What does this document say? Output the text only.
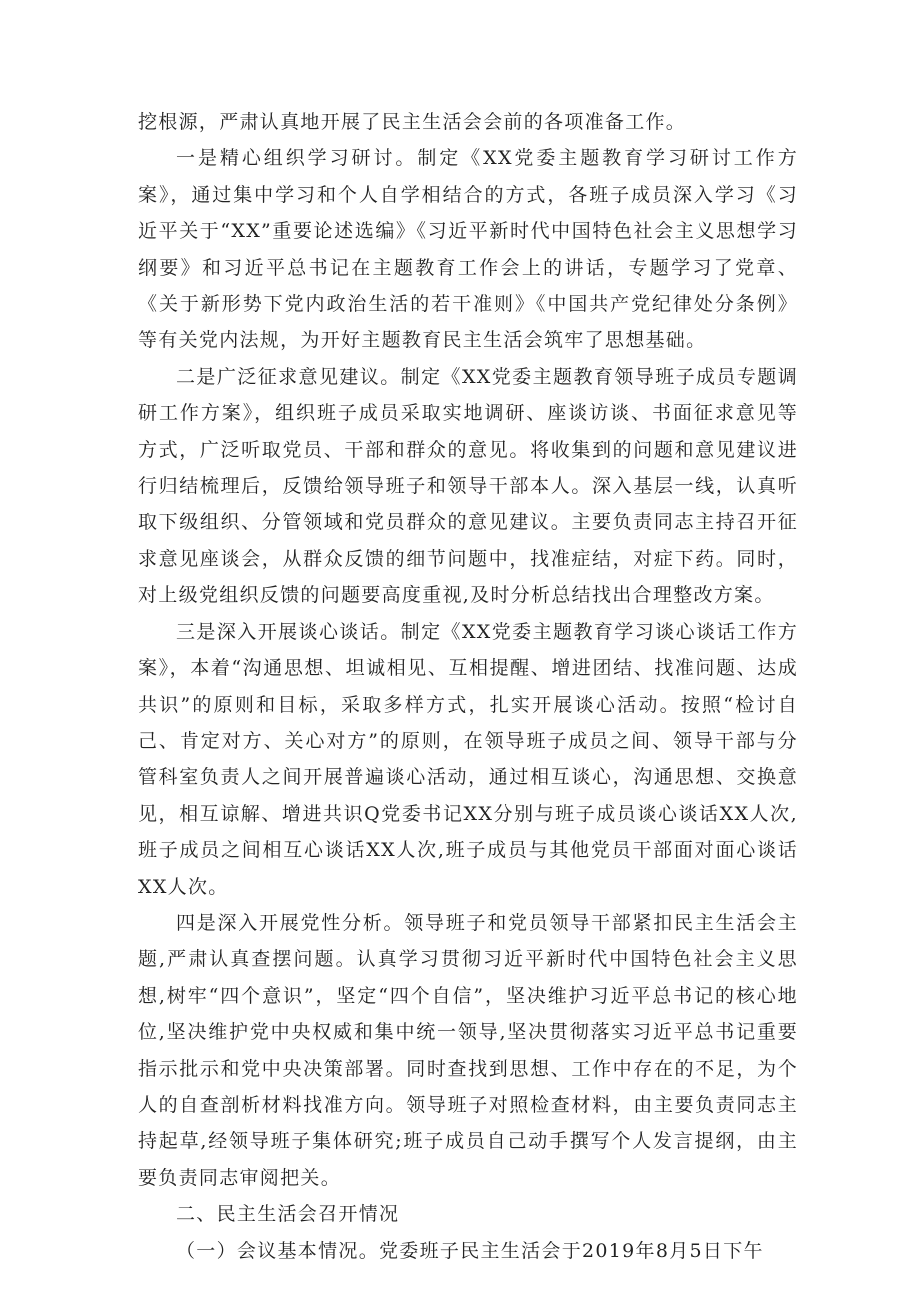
挖根源，严肃认真地开展了民主生活会会前的各项准备工作。

一是精心组织学习研讨。制定《XX党委主题教育学习研讨工作方案》，通过集中学习和个人自学相结合的方式，各班子成员深入学习《习近平关于“XX”重要论述选编》《习近平新时代中国特色社会主义思想学习纲要》和习近平总书记在主题教育工作会上的讲话，专题学习了党章、《关于新形势下党内政治生活的若干准则》《中国共产党纪律处分条例》等有关党内法规，为开好主题教育民主生活会筑牢了思想基础。

二是广泛征求意见建议。制定《XX党委主题教育领导班子成员专题调研工作方案》，组织班子成员采取实地调研、座谈访谈、书面征求意见等方式，广泛听取党员、干部和群众的意见。将收集到的问题和意见建议进行归结梳理后，反馈给领导班子和领导干部本人。深入基层一线，认真听取下级组织、分管领域和党员群众的意见建议。主要负责同志主持召开征求意见座谈会，从群众反馈的细节问题中，找准症结，对症下药。同时，对上级党组织反馈的问题要高度重视,及时分析总结找出合理整改方案。

三是深入开展谈心谈话。制定《XX党委主题教育学习谈心谈话工作方案》，本着“沟通思想、坦诚相见、互相提醒、增进团结、找准问题、达成共识”的原则和目标，采取多样方式，扎实开展谈心活动。按照“检讨自己、肯定对方、关心对方”的原则，在领导班子成员之间、领导干部与分管科室负责人之间开展普遍谈心活动，通过相互谈心，沟通思想、交换意见，相互谅解、增进共识Q党委书记XX分别与班子成员谈心谈话XX人次,班子成员之间相互心谈话XX人次,班子成员与其他党员干部面对面心谈话XX人次。

四是深入开展党性分析。领导班子和党员领导干部紧扣民主生活会主题,严肃认真查摆问题。认真学习贯彻习近平新时代中国特色社会主义思想,树牢“四个意识”，坚定“四个自信”，坚决维护习近平总书记的核心地位,坚决维护党中央权威和集中统一领导,坚决贯彻落实习近平总书记重要指示批示和党中央决策部署。同时查找到思想、工作中存在的不足，为个人的自查剖析材料找准方向。领导班子对照检查材料，由主要负责同志主持起草,经领导班子集体研究;班子成员自己动手撰写个人发言提纲，由主要负责同志审阅把关。

二、民主生活会召开情况

（一）会议基本情况。党委班子民主生活会于2019年8月5日下午
